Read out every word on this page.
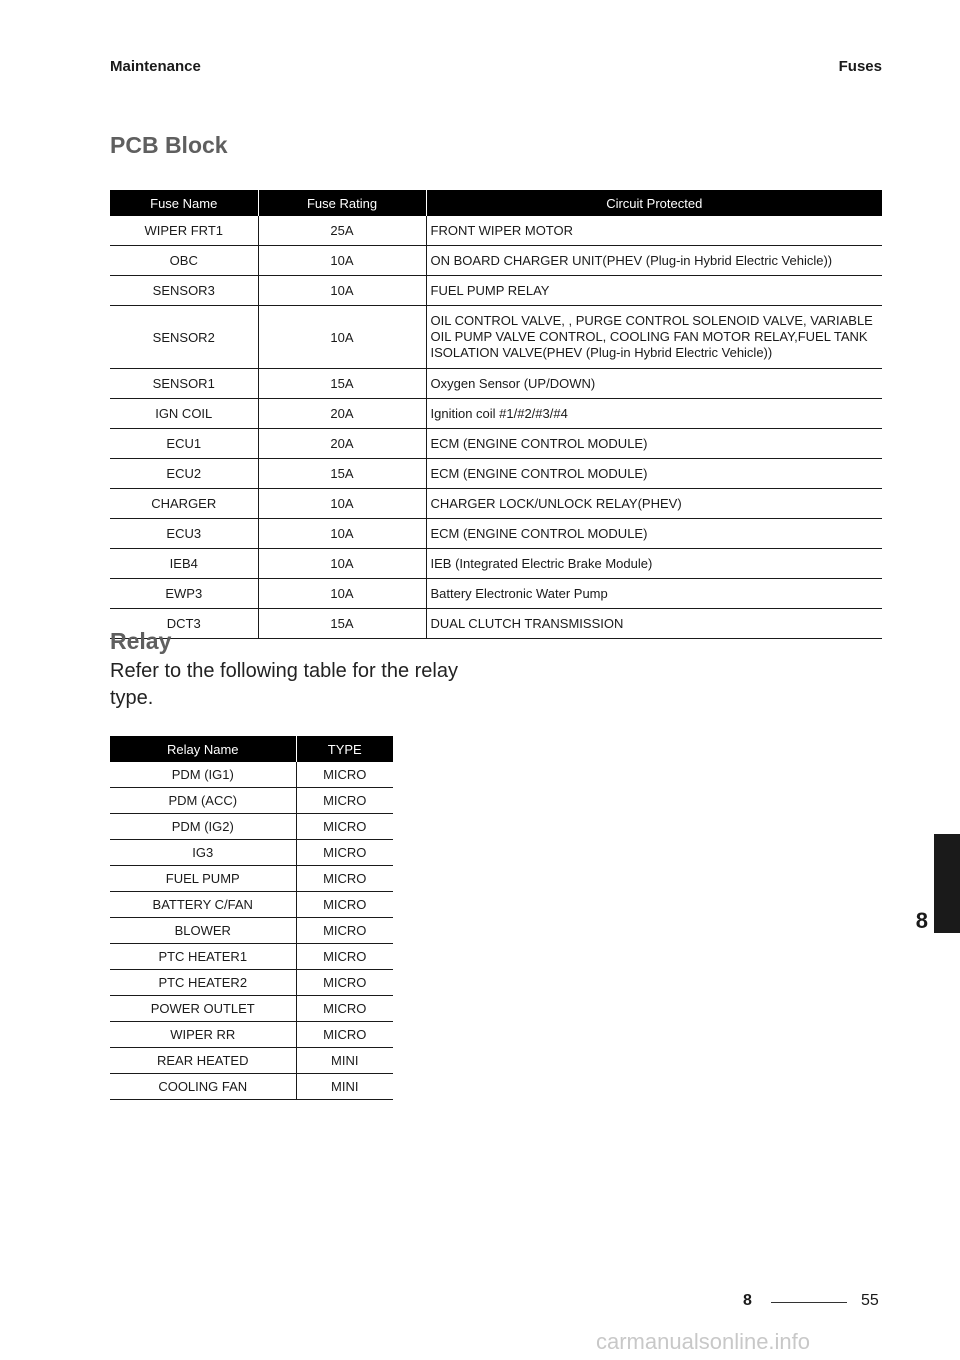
Maintenance	Fuses
PCB Block
Fuse Name	Fuse Rating	Circuit Protected
WIPER FRT1	25A	FRONT WIPER MOTOR
OBC	10A	ON BOARD CHARGER UNIT(PHEV (Plug-in Hybrid Electric Vehicle))
SENSOR3	10A	FUEL PUMP RELAY
SENSOR2	10A	OIL CONTROL VALVE, , PURGE CONTROL SOLENOID VALVE, VARIABLE OIL PUMP VALVE CONTROL, COOLING FAN MOTOR RELAY,FUEL TANK ISOLATION VALVE(PHEV (Plug-in Hybrid Electric Vehicle))
SENSOR1	15A	Oxygen Sensor (UP/DOWN)
IGN COIL	20A	Ignition coil #1/#2/#3/#4
ECU1	20A	ECM (ENGINE CONTROL MODULE)
ECU2	15A	ECM (ENGINE CONTROL MODULE)
CHARGER	10A	CHARGER LOCK/UNLOCK RELAY(PHEV)
ECU3	10A	ECM (ENGINE CONTROL MODULE)
IEB4	10A	IEB (Integrated Electric Brake Module)
EWP3	10A	Battery Electronic Water Pump
DCT3	15A	DUAL CLUTCH TRANSMISSION
Relay
Refer to the following table for the relay type.
Relay Name	TYPE
PDM (IG1)	MICRO
PDM (ACC)	MICRO
PDM (IG2)	MICRO
IG3	MICRO
FUEL PUMP	MICRO
BATTERY C/FAN	MICRO
BLOWER	MICRO
PTC HEATER1	MICRO
PTC HEATER2	MICRO
POWER OUTLET	MICRO
WIPER RR	MICRO
REAR HEATED	MINI
COOLING FAN	MINI
8
8	55
carmanualsonline.info
